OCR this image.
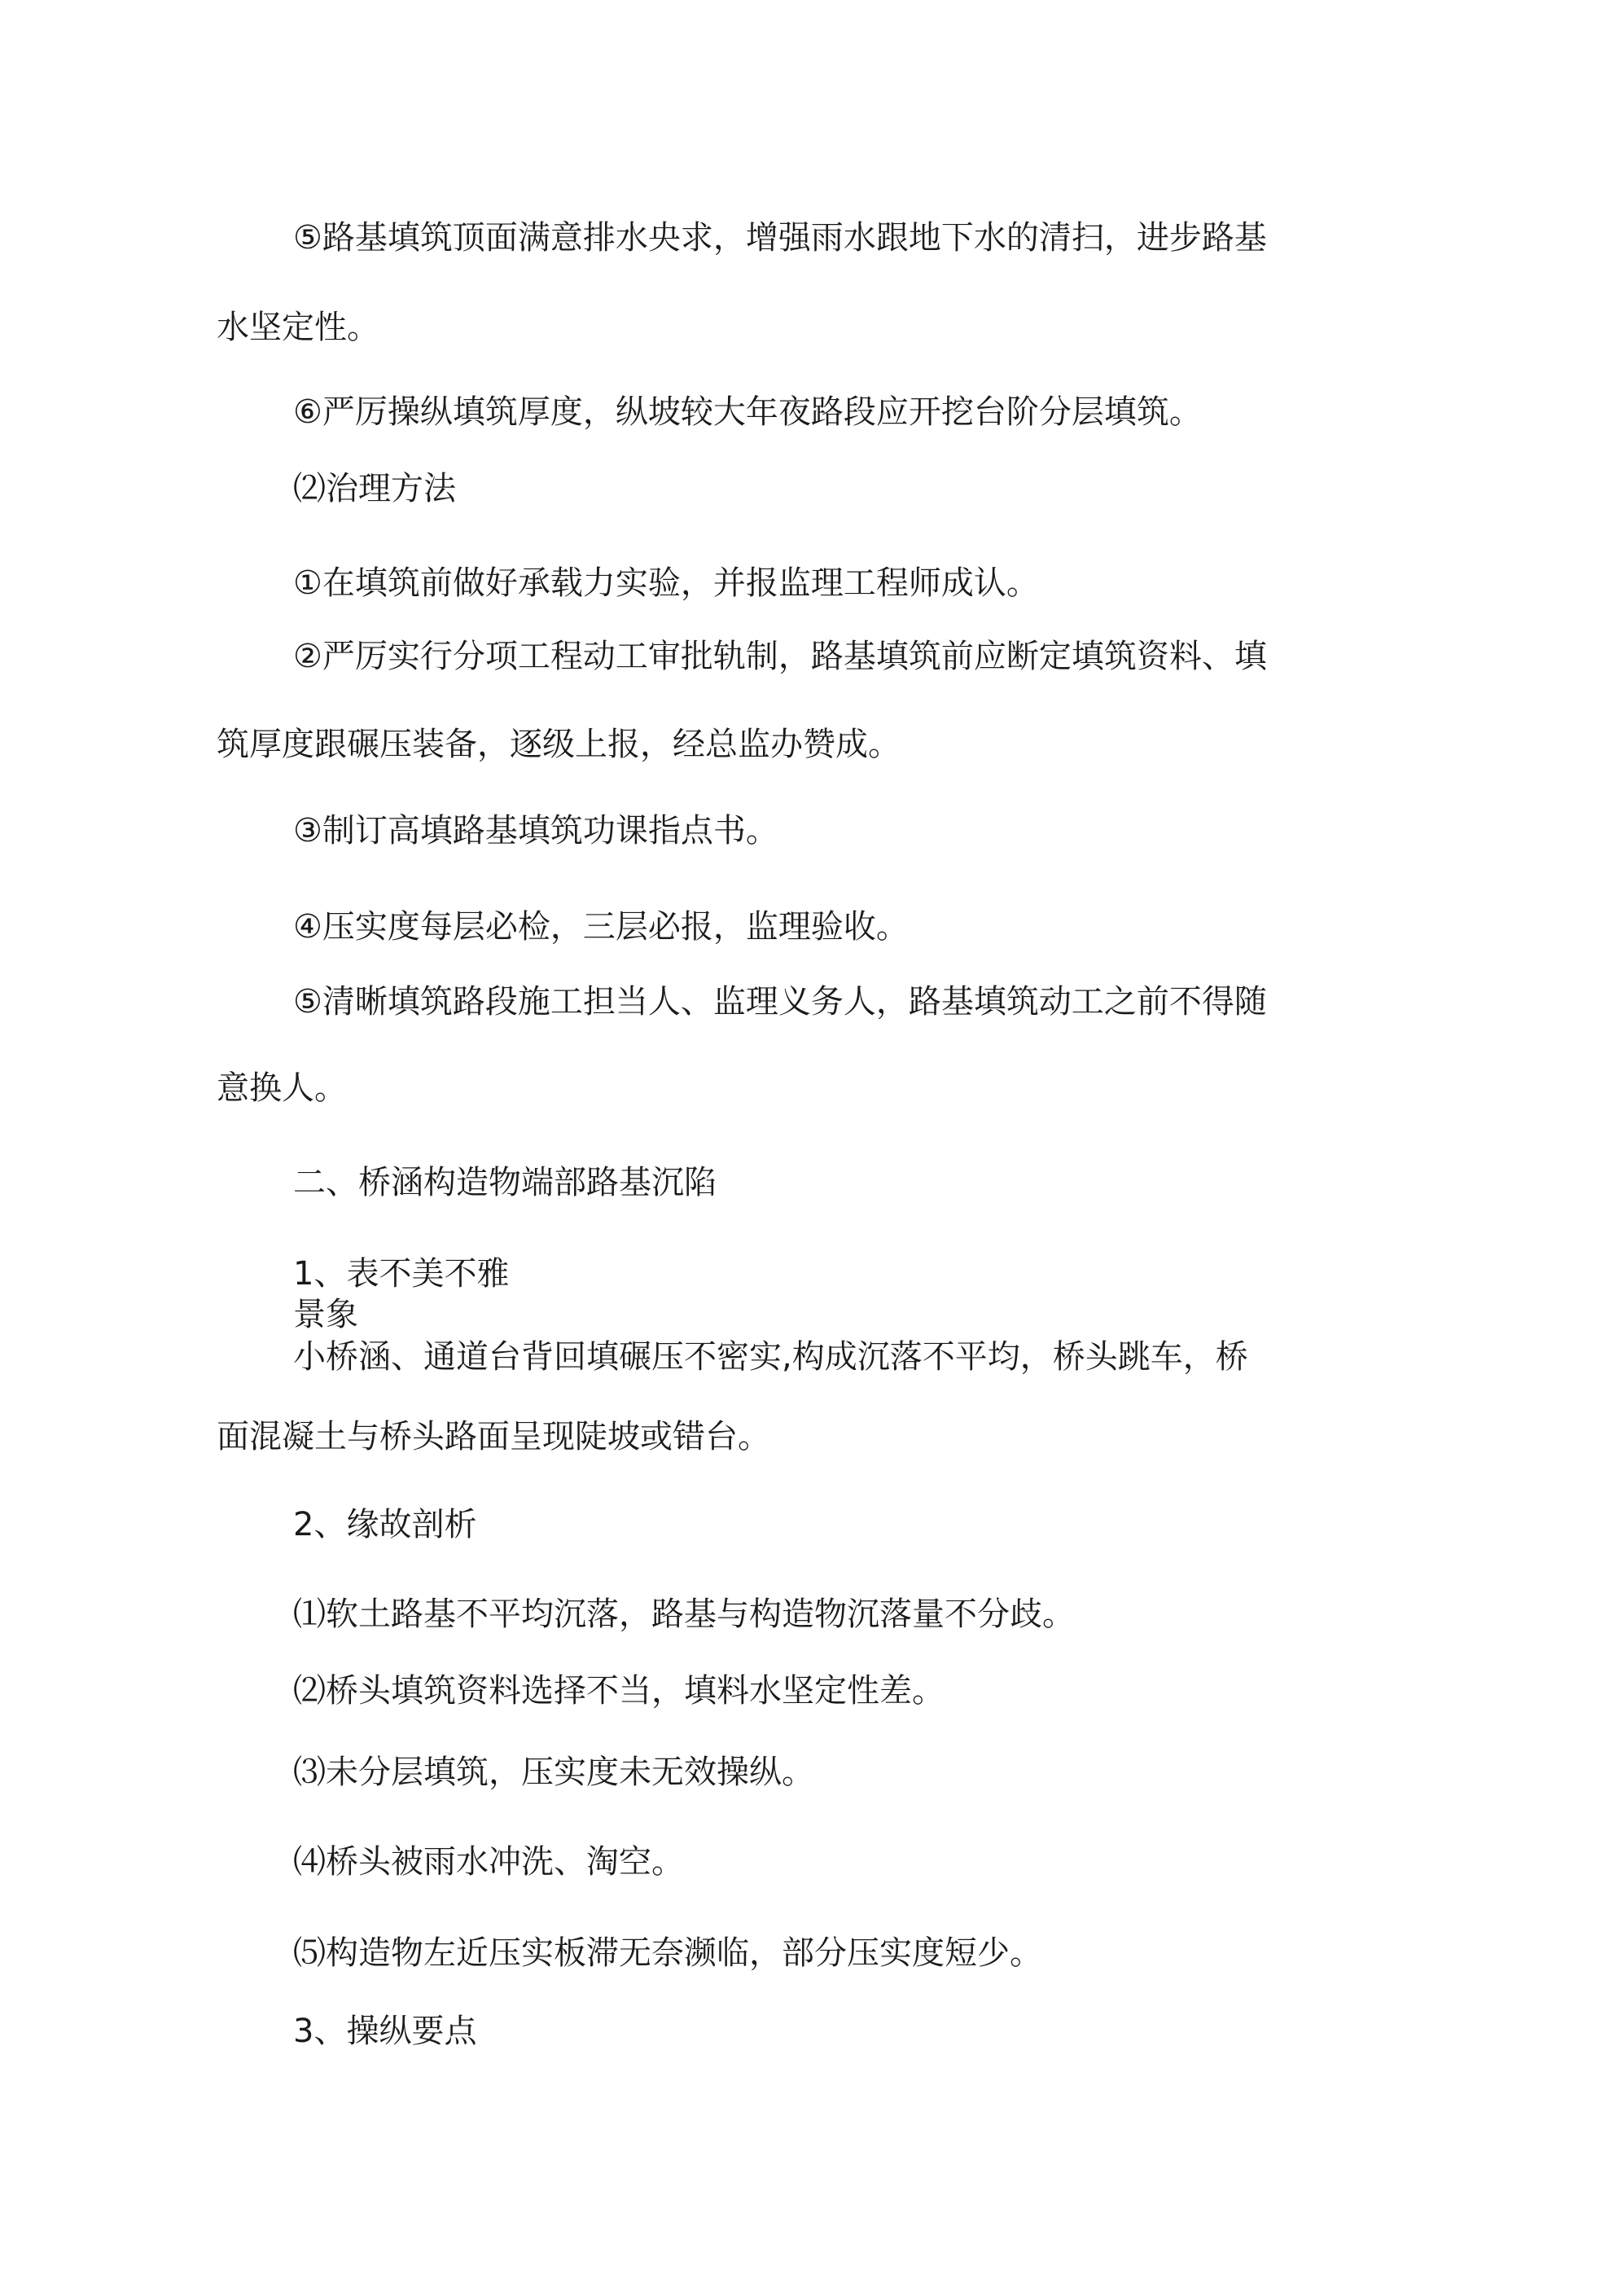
⑤路基填筑顶面满意排水央求，增强雨水跟地下水的清扫，进步路基
水坚定性。
⑥严厉操纵填筑厚度，纵坡较大年夜路段应开挖台阶分层填筑。
⑵治理方法
①在填筑前做好承载力实验，并报监理工程师成认。
②严厉实行分项工程动工审批轨制，路基填筑前应断定填筑资料、填
筑厚度跟碾压装备，逐级上报，经总监办赞成。
③制订高填路基填筑功课指点书。
④压实度每层必检，三层必报，监理验收。
⑤清晰填筑路段施工担当人、监理义务人，路基填筑动工之前不得随
意换人。
二、桥涵构造物端部路基沉陷
1、表不美不雅
景象
小桥涵、通道台背回填碾压不密实,构成沉落不平均，桥头跳车，桥
面混凝土与桥头路面呈现陡坡或错台。
2、缘故剖析
⑴软土路基不平均沉落，路基与构造物沉落量不分歧。
⑵桥头填筑资料选择不当，填料水坚定性差。
⑶未分层填筑，压实度未无效操纵。
⑷桥头被雨水冲洗、淘空。
⑸构造物左近压实板滞无奈濒临，部分压实度短少。
3、操纵要点
